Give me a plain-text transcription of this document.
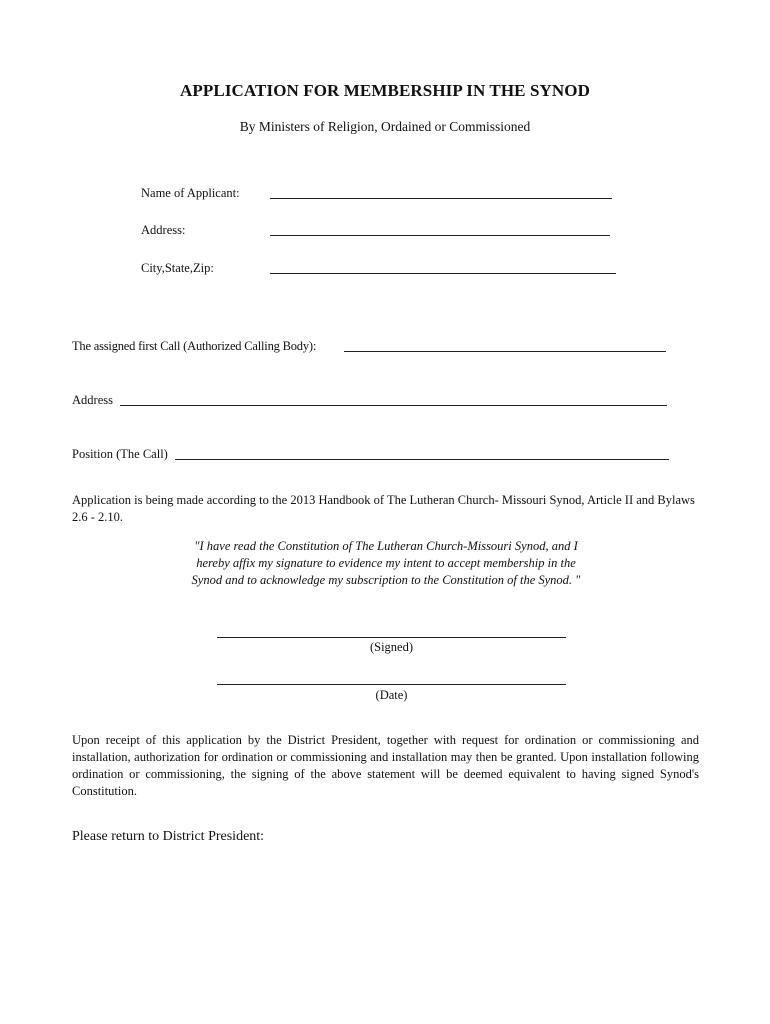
APPLICATION FOR MEMBERSHIP IN THE SYNOD
By Ministers of Religion, Ordained or Commissioned
Name of Applicant:
Address:
City,State,Zip:
The assigned first Call (Authorized Calling Body):
Address
Position (The Call)
Application is being made according to the 2013 Handbook of The Lutheran Church- Missouri Synod, Article II and Bylaws 2.6 - 2.10.
"I have read the Constitution of The Lutheran Church-Missouri Synod, and I
hereby affix my signature to evidence my intent to accept membership in the
Synod and to acknowledge my subscription to the Constitution of the Synod. "
(Signed)
(Date)
Upon receipt of this application by the District President, together with request for ordination or commissioning and installation, authorization for ordination or commissioning and installation may then be granted. Upon installation following ordination or commissioning, the signing of the above statement will be deemed equivalent to having signed Synod's Constitution.
Please return to District President:
